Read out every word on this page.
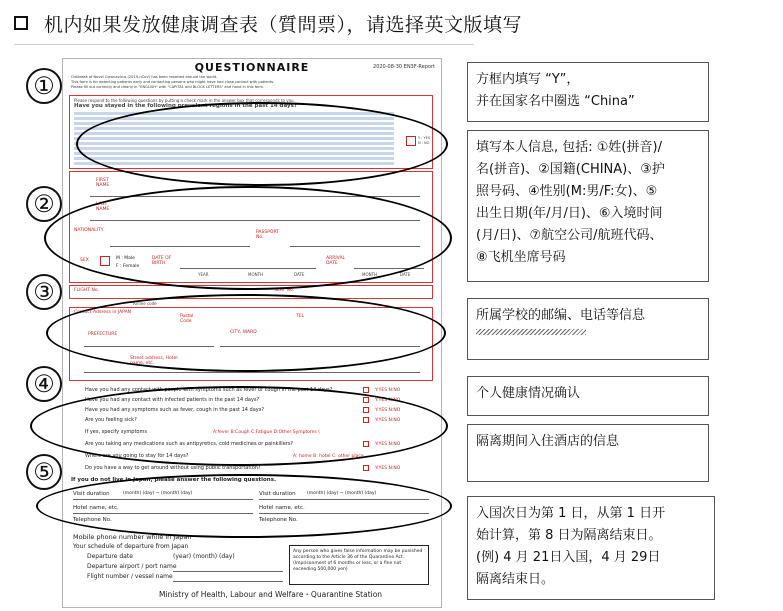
机内如果发放健康调查表（質問票），请选择英文版填写
QUESTIONNAIRE	2020-08-30 EN3F-Report
Outbreak of Novel Coronavirus (2019-nCoV) has been reported around the world.
This form is for detecting patients early and contacting persons who might have had close contact with patients.
Please fill out correctly and clearly in "ENGLISH" with "CAPITAL and BLOCK LETTERS" and hand in this form.
Please respond to the following questions by putting a check mark in the answer box that corresponds to you.
Have you stayed in the following prevalent regions in the past 14 days?
Y : YES
N : NO
FIRST NAME
LAST NAME
NATIONALITY	PASSPORT No.
SEX	M : Male
F : Female
DATE OF BIRTH
ARRIVAL DATE
YEAR	MONTH	DATE	MONTH	DATE
FLIGHT No.	SEAT No.
Airline code
Contact Address in JAPAN
Postal Code
TEL
PREFECTURE	CITY, WARD
Street address, Hotel name, etc.
Have you had any contact with people with symptoms such as fever or cough in the past 14 days?	Y:YES N:NO
Have you had any contact with infected patients in the past 14 days?	Y:YES N:NO
Have you had any symptoms such as fever, cough in the past 14 days?	Y:YES N:NO
Are you feeling sick?	Y:YES N:NO
If yes, specify symptoms	A:fever B:Cough C:Fatigue D:Other Symptoms (
Are you taking any medications such as antipyretics, cold medicines or painkillers?	Y:YES N:NO
Where are you going to stay for 14 days?	A: home B: hotel C: other place
Do you have a way to get around without using public transportation?	Y:YES N:NO
If you do not live in Japan, please answer the following questions.
Visit duration	(month) (day) ~ (month) (day)	Visit duration	(month) (day) ~ (month) (day)
Hotel name, etc.	Hotel name, etc.
Telephone No.	Telephone No.
Mobile phone number while in Japan
Your schedule of departure from Japan
Departure date	(year) (month) (day)
Departure airport / port name
Flight number / vessel name
Any person who gives false information may be punished according to the Article 36 of the Quarantine Act. (Imprisonment of 6 months or less, or a fine not exceeding 500,000 yen)
Ministry of Health, Labour and Welfare・Quarantine Station
①
②
③
④
⑤
方框内填写 “Y”，
并在国家名中圈选 “China”
填写本人信息, 包括: ①姓(拼音)/
名(拼音)、②国籍(CHINA)、③护
照号码、④性别(M:男/F:女)、⑤
出生日期(年/月/日)、⑥入境时间
(月/日)、⑦航空公司/航班代码、
⑧飞机坐席号码
所属学校的邮编、电话等信息
个人健康情况确认
隔离期间入住酒店的信息
入国次日为第 1 日，从第 1 日开
始计算，第 8 日为隔离结束日。
(例) 4 月 21日入国，4 月 29日
隔离结束日。
